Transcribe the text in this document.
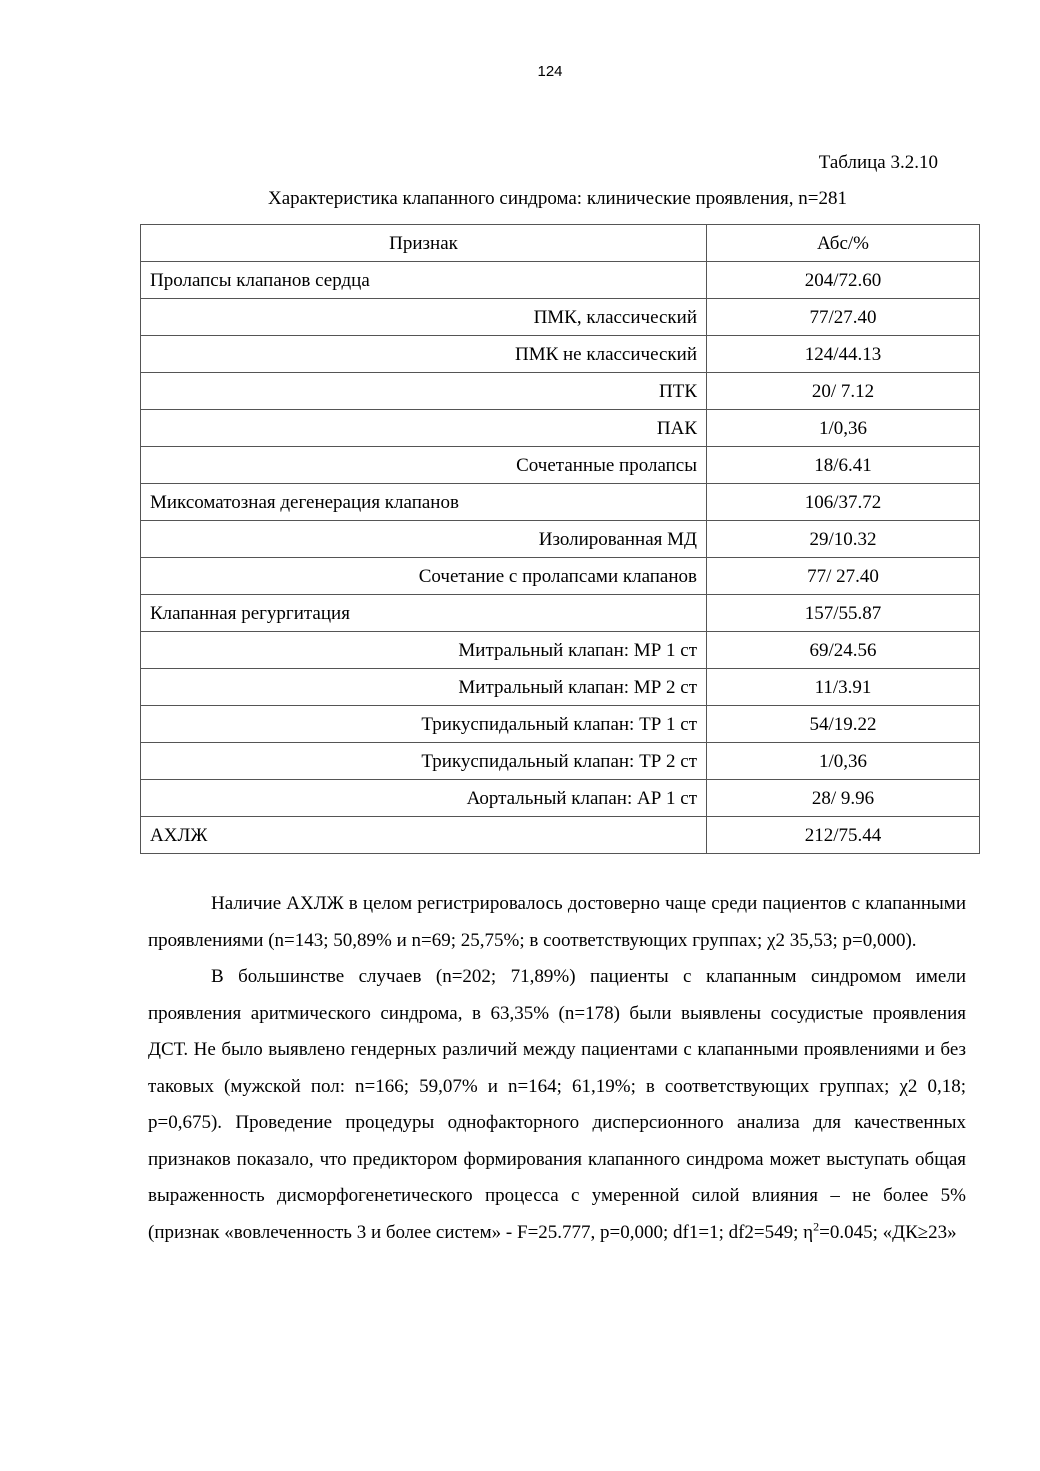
124
Таблица 3.2.10
Характеристика клапанного синдрома: клинические проявления, n=281
Признак	Абс/%
Пролапсы клапанов сердца	204/72.60
ПМК, классический	77/27.40
ПМК не классический	124/44.13
ПТК	20/ 7.12
ПАК	1/0,36
Сочетанные пролапсы	18/6.41
Миксоматозная дегенерация клапанов	106/37.72
Изолированная МД	29/10.32
Сочетание с пролапсами клапанов	77/ 27.40
Клапанная регургитация	157/55.87
Митральный клапан: МР 1 ст	69/24.56
Митральный клапан: МР 2 ст	11/3.91
Трикуспидальный клапан: ТР 1 ст	54/19.22
Трикуспидальный клапан: ТР 2 ст	1/0,36
Аортальный клапан: АР 1 ст	28/ 9.96
АХЛЖ	212/75.44

Наличие АХЛЖ в целом регистрировалось достоверно чаще среди пациентов с клапанными проявлениями (n=143; 50,89% и n=69; 25,75%; в соответствующих группах; χ2 35,53; p=0,000).

В большинстве случаев (n=202; 71,89%) пациенты с клапанным синдромом имели проявления аритмического синдрома, в 63,35% (n=178) были выявлены сосудистые проявления ДСТ. Не было выявлено гендерных различий между пациентами с клапанными проявлениями и без таковых (мужской пол: n=166; 59,07% и n=164; 61,19%; в соответствующих группах; χ2 0,18; p=0,675). Проведение процедуры однофакторного дисперсионного анализа для качественных признаков показало, что предиктором формирования клапанного синдрома может выступать общая выраженность дисморфогенетического процесса с умеренной силой влияния – не более 5% (признак «вовлеченность 3 и более систем» - F=25.777, p=0,000; df1=1; df2=549; $\eta^2=0.045$; «ДК≥23»
